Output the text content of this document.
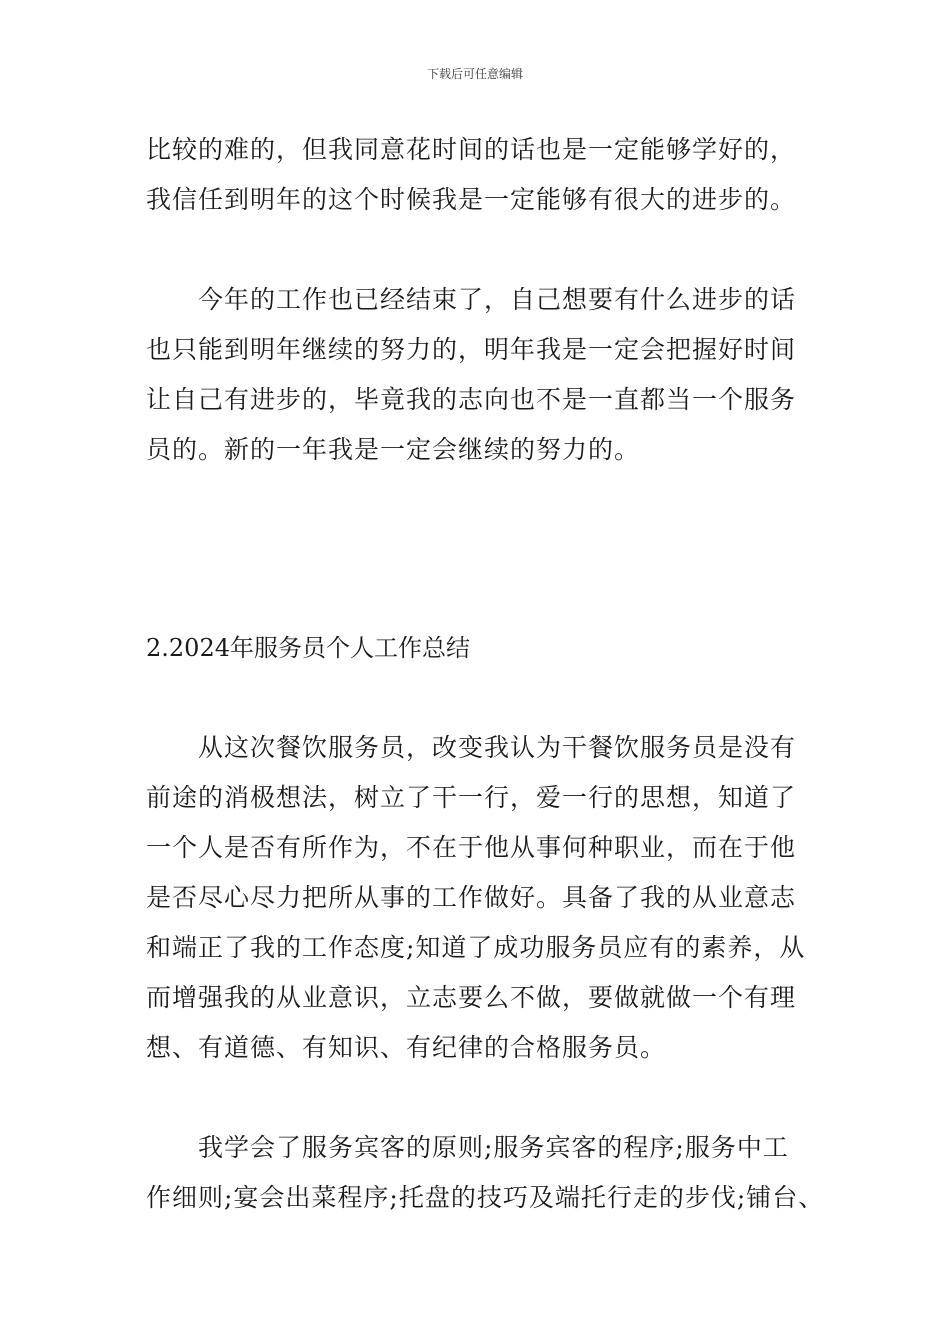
下载后可任意编辑
比较的难的，但我同意花时间的话也是一定能够学好的，
我信任到明年的这个时候我是一定能够有很大的进步的。
　　今年的工作也已经结束了，自己想要有什么进步的话
也只能到明年继续的努力的，明年我是一定会把握好时间
让自己有进步的，毕竟我的志向也不是一直都当一个服务
员的。新的一年我是一定会继续的努力的。
2.2024年服务员个人工作总结
　　从这次餐饮服务员，改变我认为干餐饮服务员是没有
前途的消极想法，树立了干一行，爱一行的思想，知道了
一个人是否有所作为，不在于他从事何种职业，而在于他
是否尽心尽力把所从事的工作做好。具备了我的从业意志
和端正了我的工作态度;知道了成功服务员应有的素养，从
而增强我的从业意识，立志要么不做，要做就做一个有理
想、有道德、有知识、有纪律的合格服务员。
　　我学会了服务宾客的原则;服务宾客的程序;服务中工
作细则;宴会出菜程序;托盘的技巧及端托行走的步伐;铺台、
